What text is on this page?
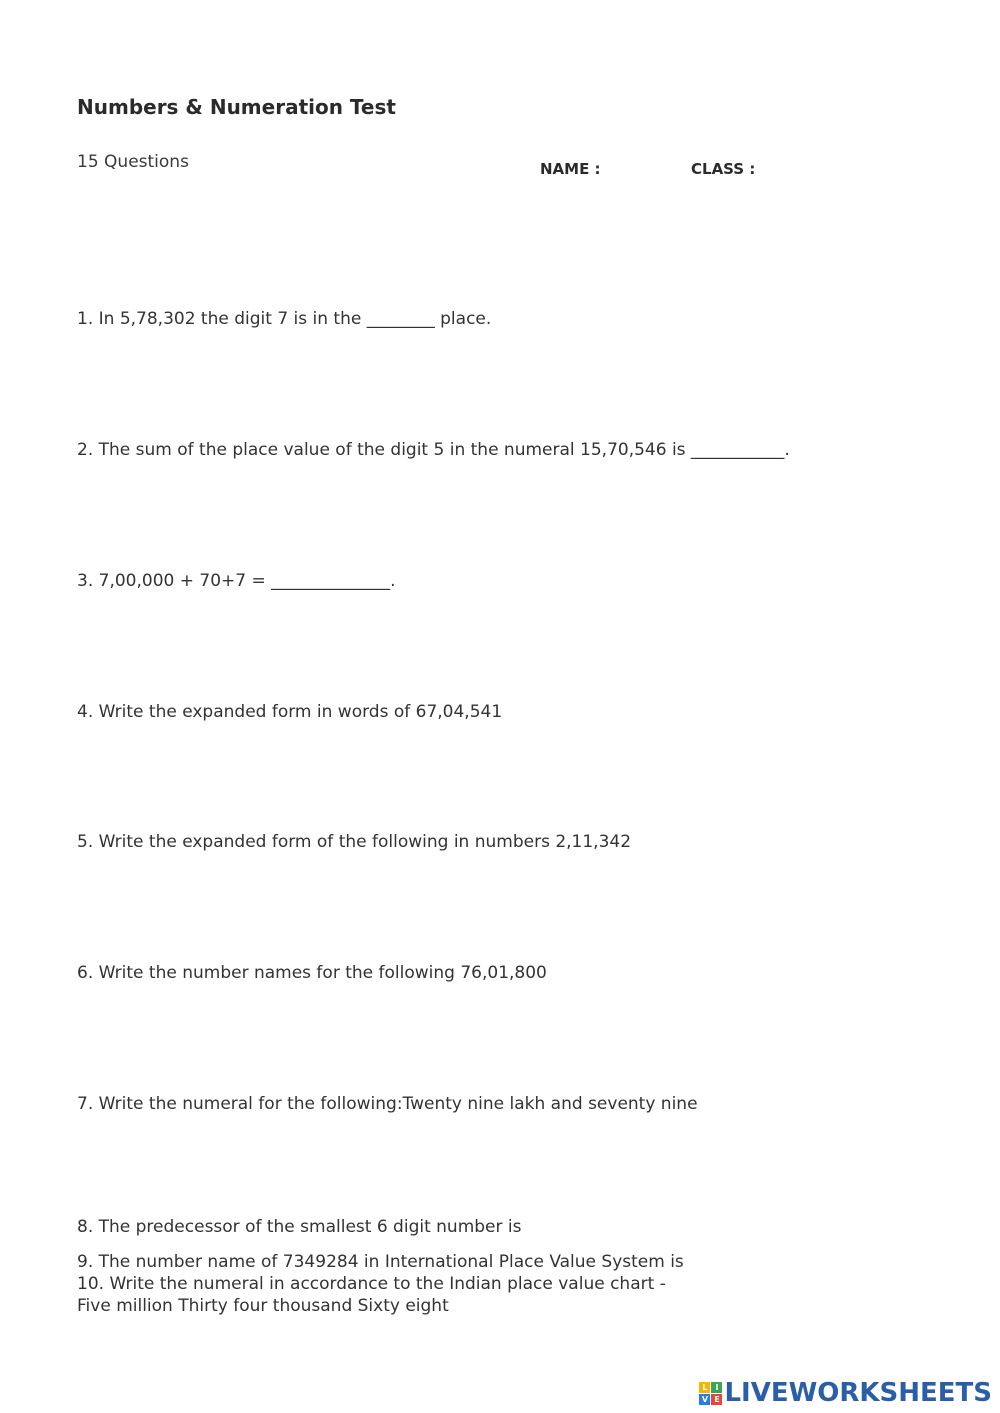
Numbers & Numeration Test
15 Questions	NAME :	CLASS :
1. In 5,78,302 the digit 7 is in the ________ place.
2. The sum of the place value of the digit 5 in the numeral 15,70,546 is ___________.
3. 7,00,000 + 70+7 = ______________.
4. Write the expanded form in words of 67,04,541
5. Write the expanded form of the following in numbers 2,11,342
6. Write the number names for the following 76,01,800
7. Write the numeral for the following:Twenty nine lakh and seventy nine
8. The predecessor of the smallest 6 digit number is
9. The number name of 7349284 in International Place Value System is
10. Write the numeral in accordance to the Indian place value chart -
Five million Thirty four thousand Sixty eight
L I
V E LIVEWORKSHEETS
